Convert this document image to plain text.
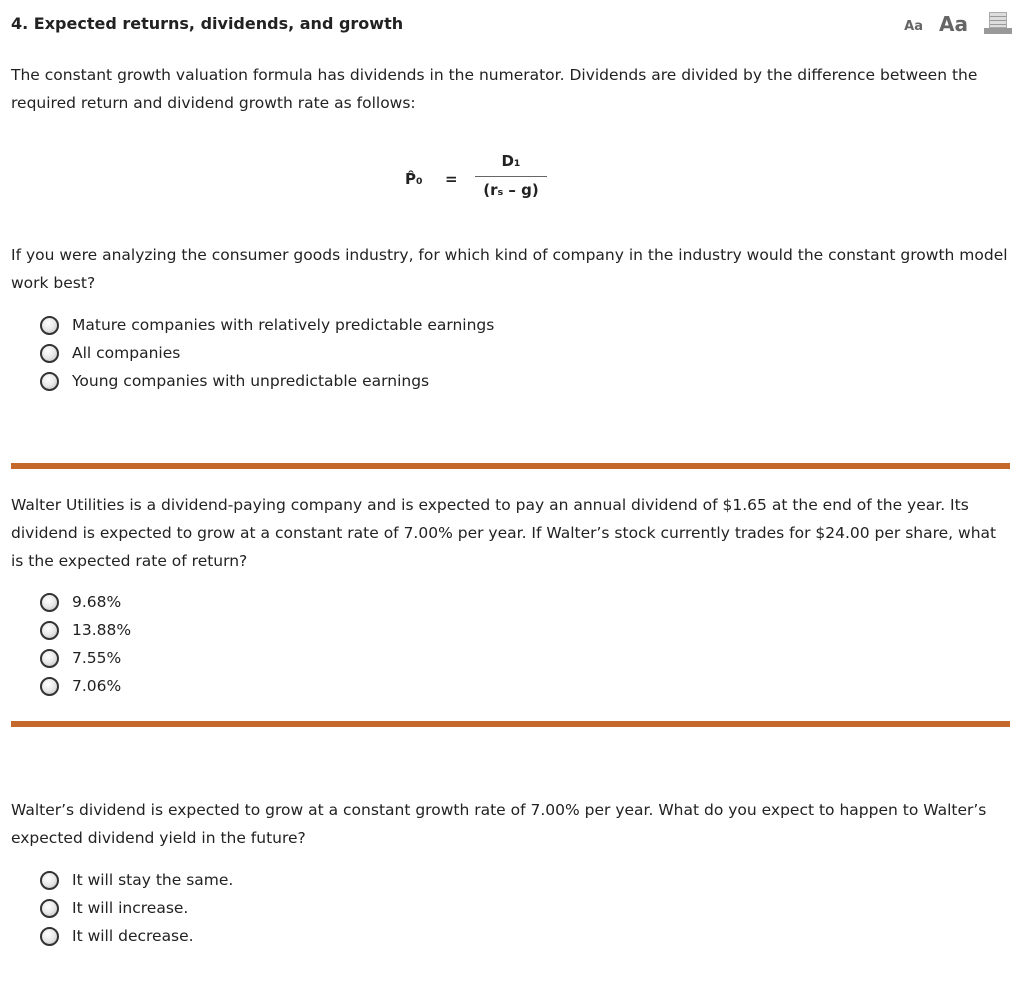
4. Expected returns, dividends, and growth	Aa Aa
The constant growth valuation formula has dividends in the numerator. Dividends are divided by the difference between the required return and dividend growth rate as follows:
P̂₀ = $\frac{\text{D₁}}{\text{(rₛ – g)}}$
If you were analyzing the consumer goods industry, for which kind of company in the industry would the constant growth model work best?
Mature companies with relatively predictable earnings
All companies
Young companies with unpredictable earnings
Walter Utilities is a dividend-paying company and is expected to pay an annual dividend of $1.65 at the end of the year. Its dividend is expected to grow at a constant rate of 7.00% per year. If Walter’s stock currently trades for $24.00 per share, what is the expected rate of return?
9.68%
13.88%
7.55%
7.06%
Walter’s dividend is expected to grow at a constant growth rate of 7.00% per year. What do you expect to happen to Walter’s expected dividend yield in the future?
It will stay the same.
It will increase.
It will decrease.
